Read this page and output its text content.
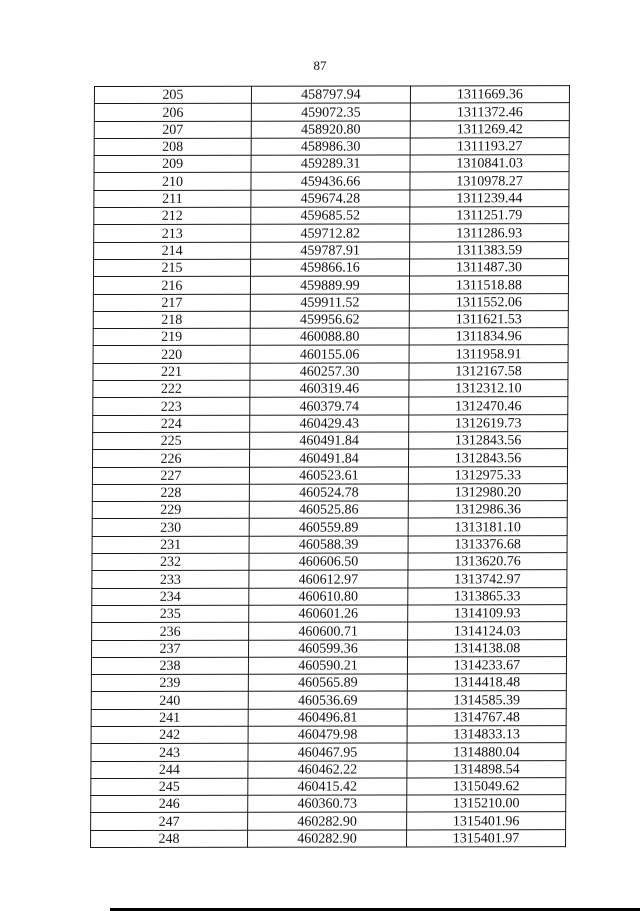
87
205	458797.94	1311669.36
206	459072.35	1311372.46
207	458920.80	1311269.42
208	458986.30	1311193.27
209	459289.31	1310841.03
210	459436.66	1310978.27
211	459674.28	1311239.44
212	459685.52	1311251.79
213	459712.82	1311286.93
214	459787.91	1311383.59
215	459866.16	1311487.30
216	459889.99	1311518.88
217	459911.52	1311552.06
218	459956.62	1311621.53
219	460088.80	1311834.96
220	460155.06	1311958.91
221	460257.30	1312167.58
222	460319.46	1312312.10
223	460379.74	1312470.46
224	460429.43	1312619.73
225	460491.84	1312843.56
226	460491.84	1312843.56
227	460523.61	1312975.33
228	460524.78	1312980.20
229	460525.86	1312986.36
230	460559.89	1313181.10
231	460588.39	1313376.68
232	460606.50	1313620.76
233	460612.97	1313742.97
234	460610.80	1313865.33
235	460601.26	1314109.93
236	460600.71	1314124.03
237	460599.36	1314138.08
238	460590.21	1314233.67
239	460565.89	1314418.48
240	460536.69	1314585.39
241	460496.81	1314767.48
242	460479.98	1314833.13
243	460467.95	1314880.04
244	460462.22	1314898.54
245	460415.42	1315049.62
246	460360.73	1315210.00
247	460282.90	1315401.96
248	460282.90	1315401.97
